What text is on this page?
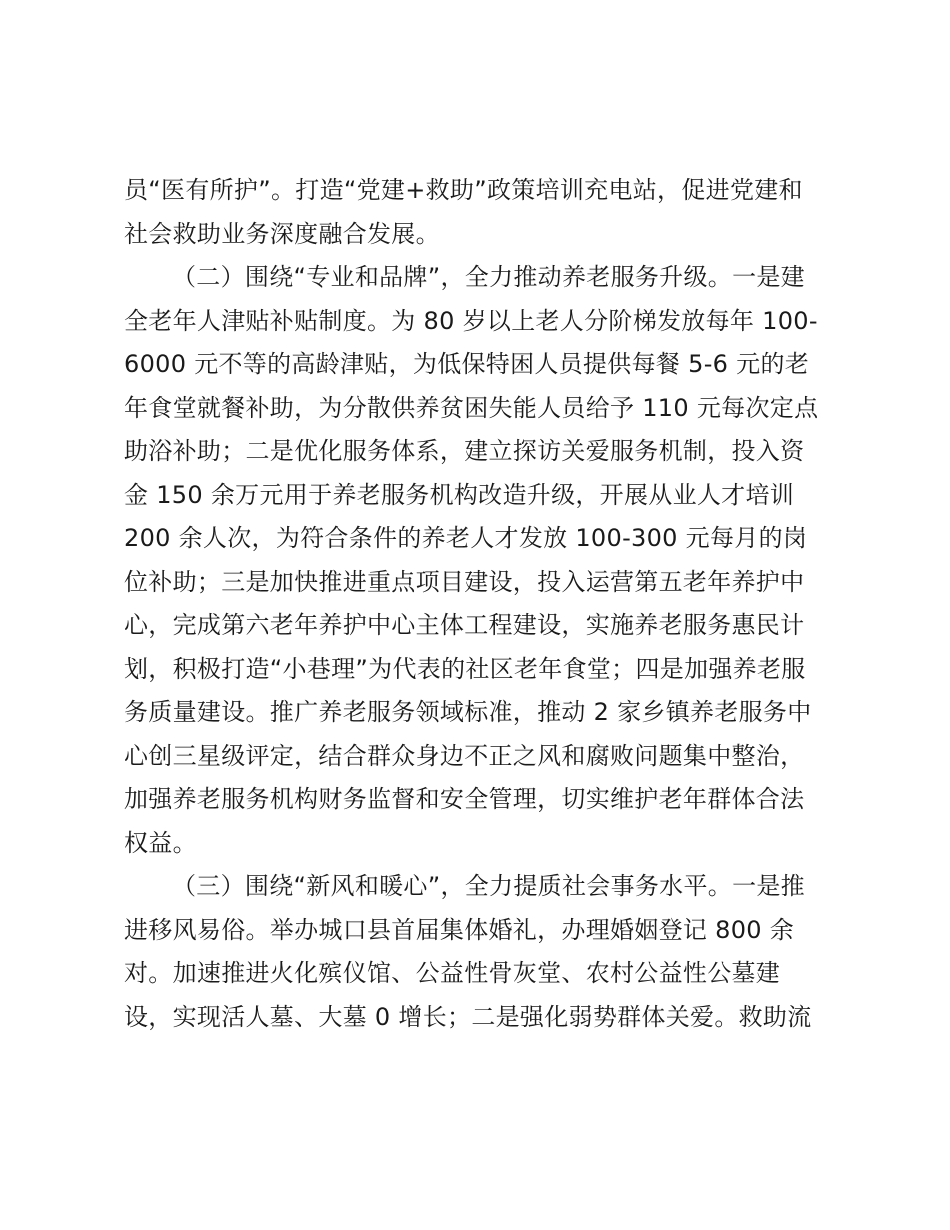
员“医有所护”。打造“党建+救助”政策培训充电站，促进党建和
社会救助业务深度融合发展。
（二）围绕“专业和品牌”，全力推动养老服务升级。一是建
全老年人津贴补贴制度。为 80 岁以上老人分阶梯发放每年 100-
6000 元不等的高龄津贴，为低保特困人员提供每餐 5-6 元的老
年食堂就餐补助，为分散供养贫困失能人员给予 110 元每次定点
助浴补助；二是优化服务体系，建立探访关爱服务机制，投入资
金 150 余万元用于养老服务机构改造升级，开展从业人才培训
200 余人次，为符合条件的养老人才发放 100-300 元每月的岗
位补助；三是加快推进重点项目建设，投入运营第五老年养护中
心，完成第六老年养护中心主体工程建设，实施养老服务惠民计
划，积极打造“小巷理”为代表的社区老年食堂；四是加强养老服
务质量建设。推广养老服务领域标准，推动 2 家乡镇养老服务中
心创三星级评定，结合群众身边不正之风和腐败问题集中整治，
加强养老服务机构财务监督和安全管理，切实维护老年群体合法
权益。
（三）围绕“新风和暖心”，全力提质社会事务水平。一是推
进移风易俗。举办城口县首届集体婚礼，办理婚姻登记 800 余
对。加速推进火化殡仪馆、公益性骨灰堂、农村公益性公墓建
设，实现活人墓、大墓 0 增长；二是强化弱势群体关爱。救助流
